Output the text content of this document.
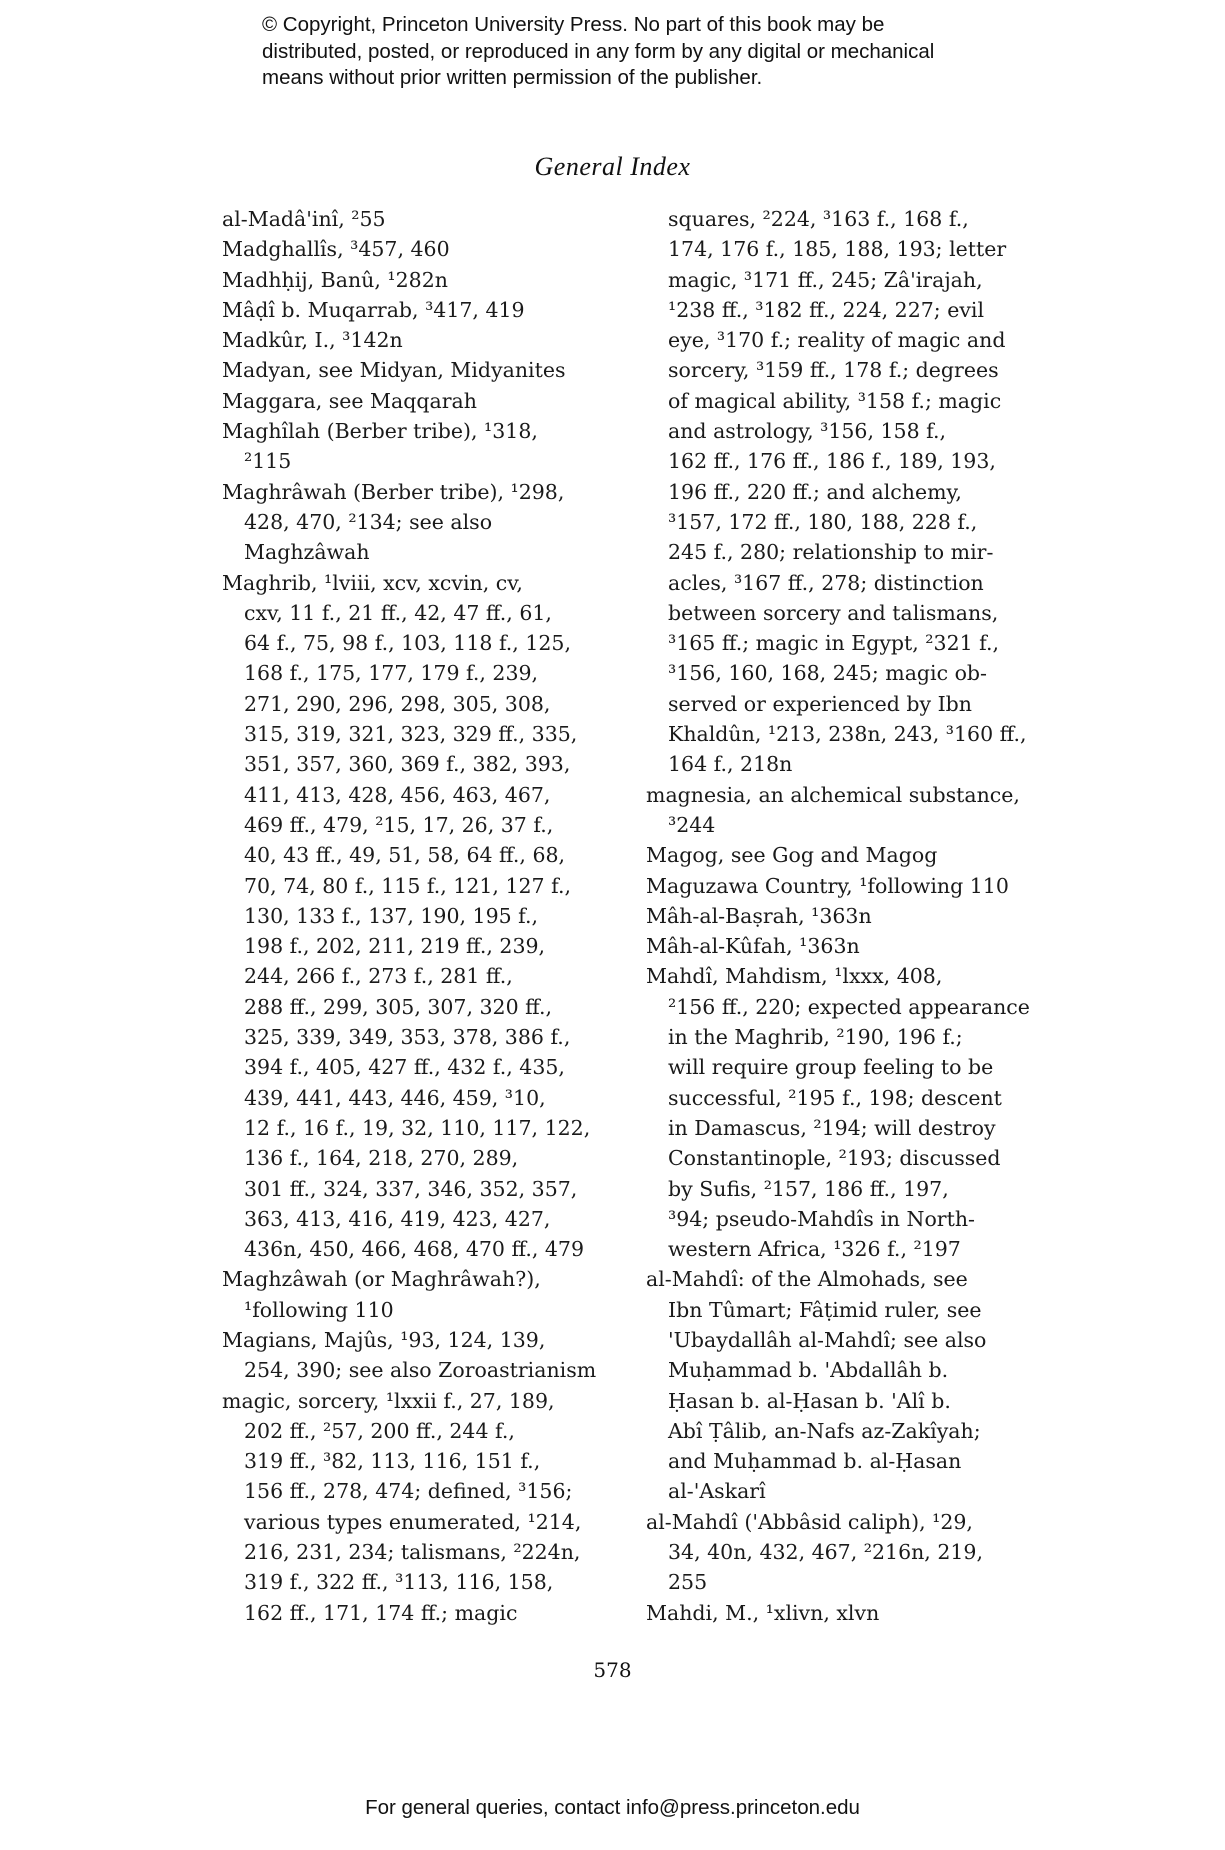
© Copyright, Princeton University Press. No part of this book may be
distributed, posted, or reproduced in any form by any digital or mechanical
means without prior written permission of the publisher.
General Index
al-Madâ'inî, ²55
Madghallîs, ³457, 460
Madhḥij, Banû, ¹282n
Mâḍî b. Muqarrab, ³417, 419
Madkûr, I., ³142n
Madyan, see Midyan, Midyanites
Maggara, see Maqqarah
Maghîlah (Berber tribe), ¹318,
²115
Maghrâwah (Berber tribe), ¹298,
428, 470, ²134; see also
Maghzâwah
Maghrib, ¹lviii, xcv, xcvin, cv,
cxv, 11 f., 21 ff., 42, 47 ff., 61,
64 f., 75, 98 f., 103, 118 f., 125,
168 f., 175, 177, 179 f., 239,
271, 290, 296, 298, 305, 308,
315, 319, 321, 323, 329 ff., 335,
351, 357, 360, 369 f., 382, 393,
411, 413, 428, 456, 463, 467,
469 ff., 479, ²15, 17, 26, 37 f.,
40, 43 ff., 49, 51, 58, 64 ff., 68,
70, 74, 80 f., 115 f., 121, 127 f.,
130, 133 f., 137, 190, 195 f.,
198 f., 202, 211, 219 ff., 239,
244, 266 f., 273 f., 281 ff.,
288 ff., 299, 305, 307, 320 ff.,
325, 339, 349, 353, 378, 386 f.,
394 f., 405, 427 ff., 432 f., 435,
439, 441, 443, 446, 459, ³10,
12 f., 16 f., 19, 32, 110, 117, 122,
136 f., 164, 218, 270, 289,
301 ff., 324, 337, 346, 352, 357,
363, 413, 416, 419, 423, 427,
436n, 450, 466, 468, 470 ff., 479
Maghzâwah (or Maghrâwah?),
¹following 110
Magians, Majûs, ¹93, 124, 139,
254, 390; see also Zoroastrianism
magic, sorcery, ¹lxxii f., 27, 189,
202 ff., ²57, 200 ff., 244 f.,
319 ff., ³82, 113, 116, 151 f.,
156 ff., 278, 474; defined, ³156;
various types enumerated, ¹214,
216, 231, 234; talismans, ²224n,
319 f., 322 ff., ³113, 116, 158,
162 ff., 171, 174 ff.; magic
squares, ²224, ³163 f., 168 f.,
174, 176 f., 185, 188, 193; letter
magic, ³171 ff., 245; Zâ'irajah,
¹238 ff., ³182 ff., 224, 227; evil
eye, ³170 f.; reality of magic and
sorcery, ³159 ff., 178 f.; degrees
of magical ability, ³158 f.; magic
and astrology, ³156, 158 f.,
162 ff., 176 ff., 186 f., 189, 193,
196 ff., 220 ff.; and alchemy,
³157, 172 ff., 180, 188, 228 f.,
245 f., 280; relationship to mir-
acles, ³167 ff., 278; distinction
between sorcery and talismans,
³165 ff.; magic in Egypt, ²321 f.,
³156, 160, 168, 245; magic ob-
served or experienced by Ibn
Khaldûn, ¹213, 238n, 243, ³160 ff.,
164 f., 218n
magnesia, an alchemical substance,
³244
Magog, see Gog and Magog
Maguzawa Country, ¹following 110
Mâh-al-Baṣrah, ¹363n
Mâh-al-Kûfah, ¹363n
Mahdî, Mahdism, ¹lxxx, 408,
²156 ff., 220; expected appearance
in the Maghrib, ²190, 196 f.;
will require group feeling to be
successful, ²195 f., 198; descent
in Damascus, ²194; will destroy
Constantinople, ²193; discussed
by Sufis, ²157, 186 ff., 197,
³94; pseudo-Mahdîs in North-
western Africa, ¹326 f., ²197
al-Mahdî: of the Almohads, see
Ibn Tûmart; Fâṭimid ruler, see
'Ubaydallâh al-Mahdî; see also
Muḥammad b. 'Abdallâh b.
Ḥasan b. al-Ḥasan b. 'Alî b.
Abî Ṭâlib, an-Nafs az-Zakîyah;
and Muḥammad b. al-Ḥasan
al-'Askarî
al-Mahdî ('Abbâsid caliph), ¹29,
34, 40n, 432, 467, ²216n, 219,
255
Mahdi, M., ¹xlivn, xlvn
578
For general queries, contact info@press.princeton.edu
